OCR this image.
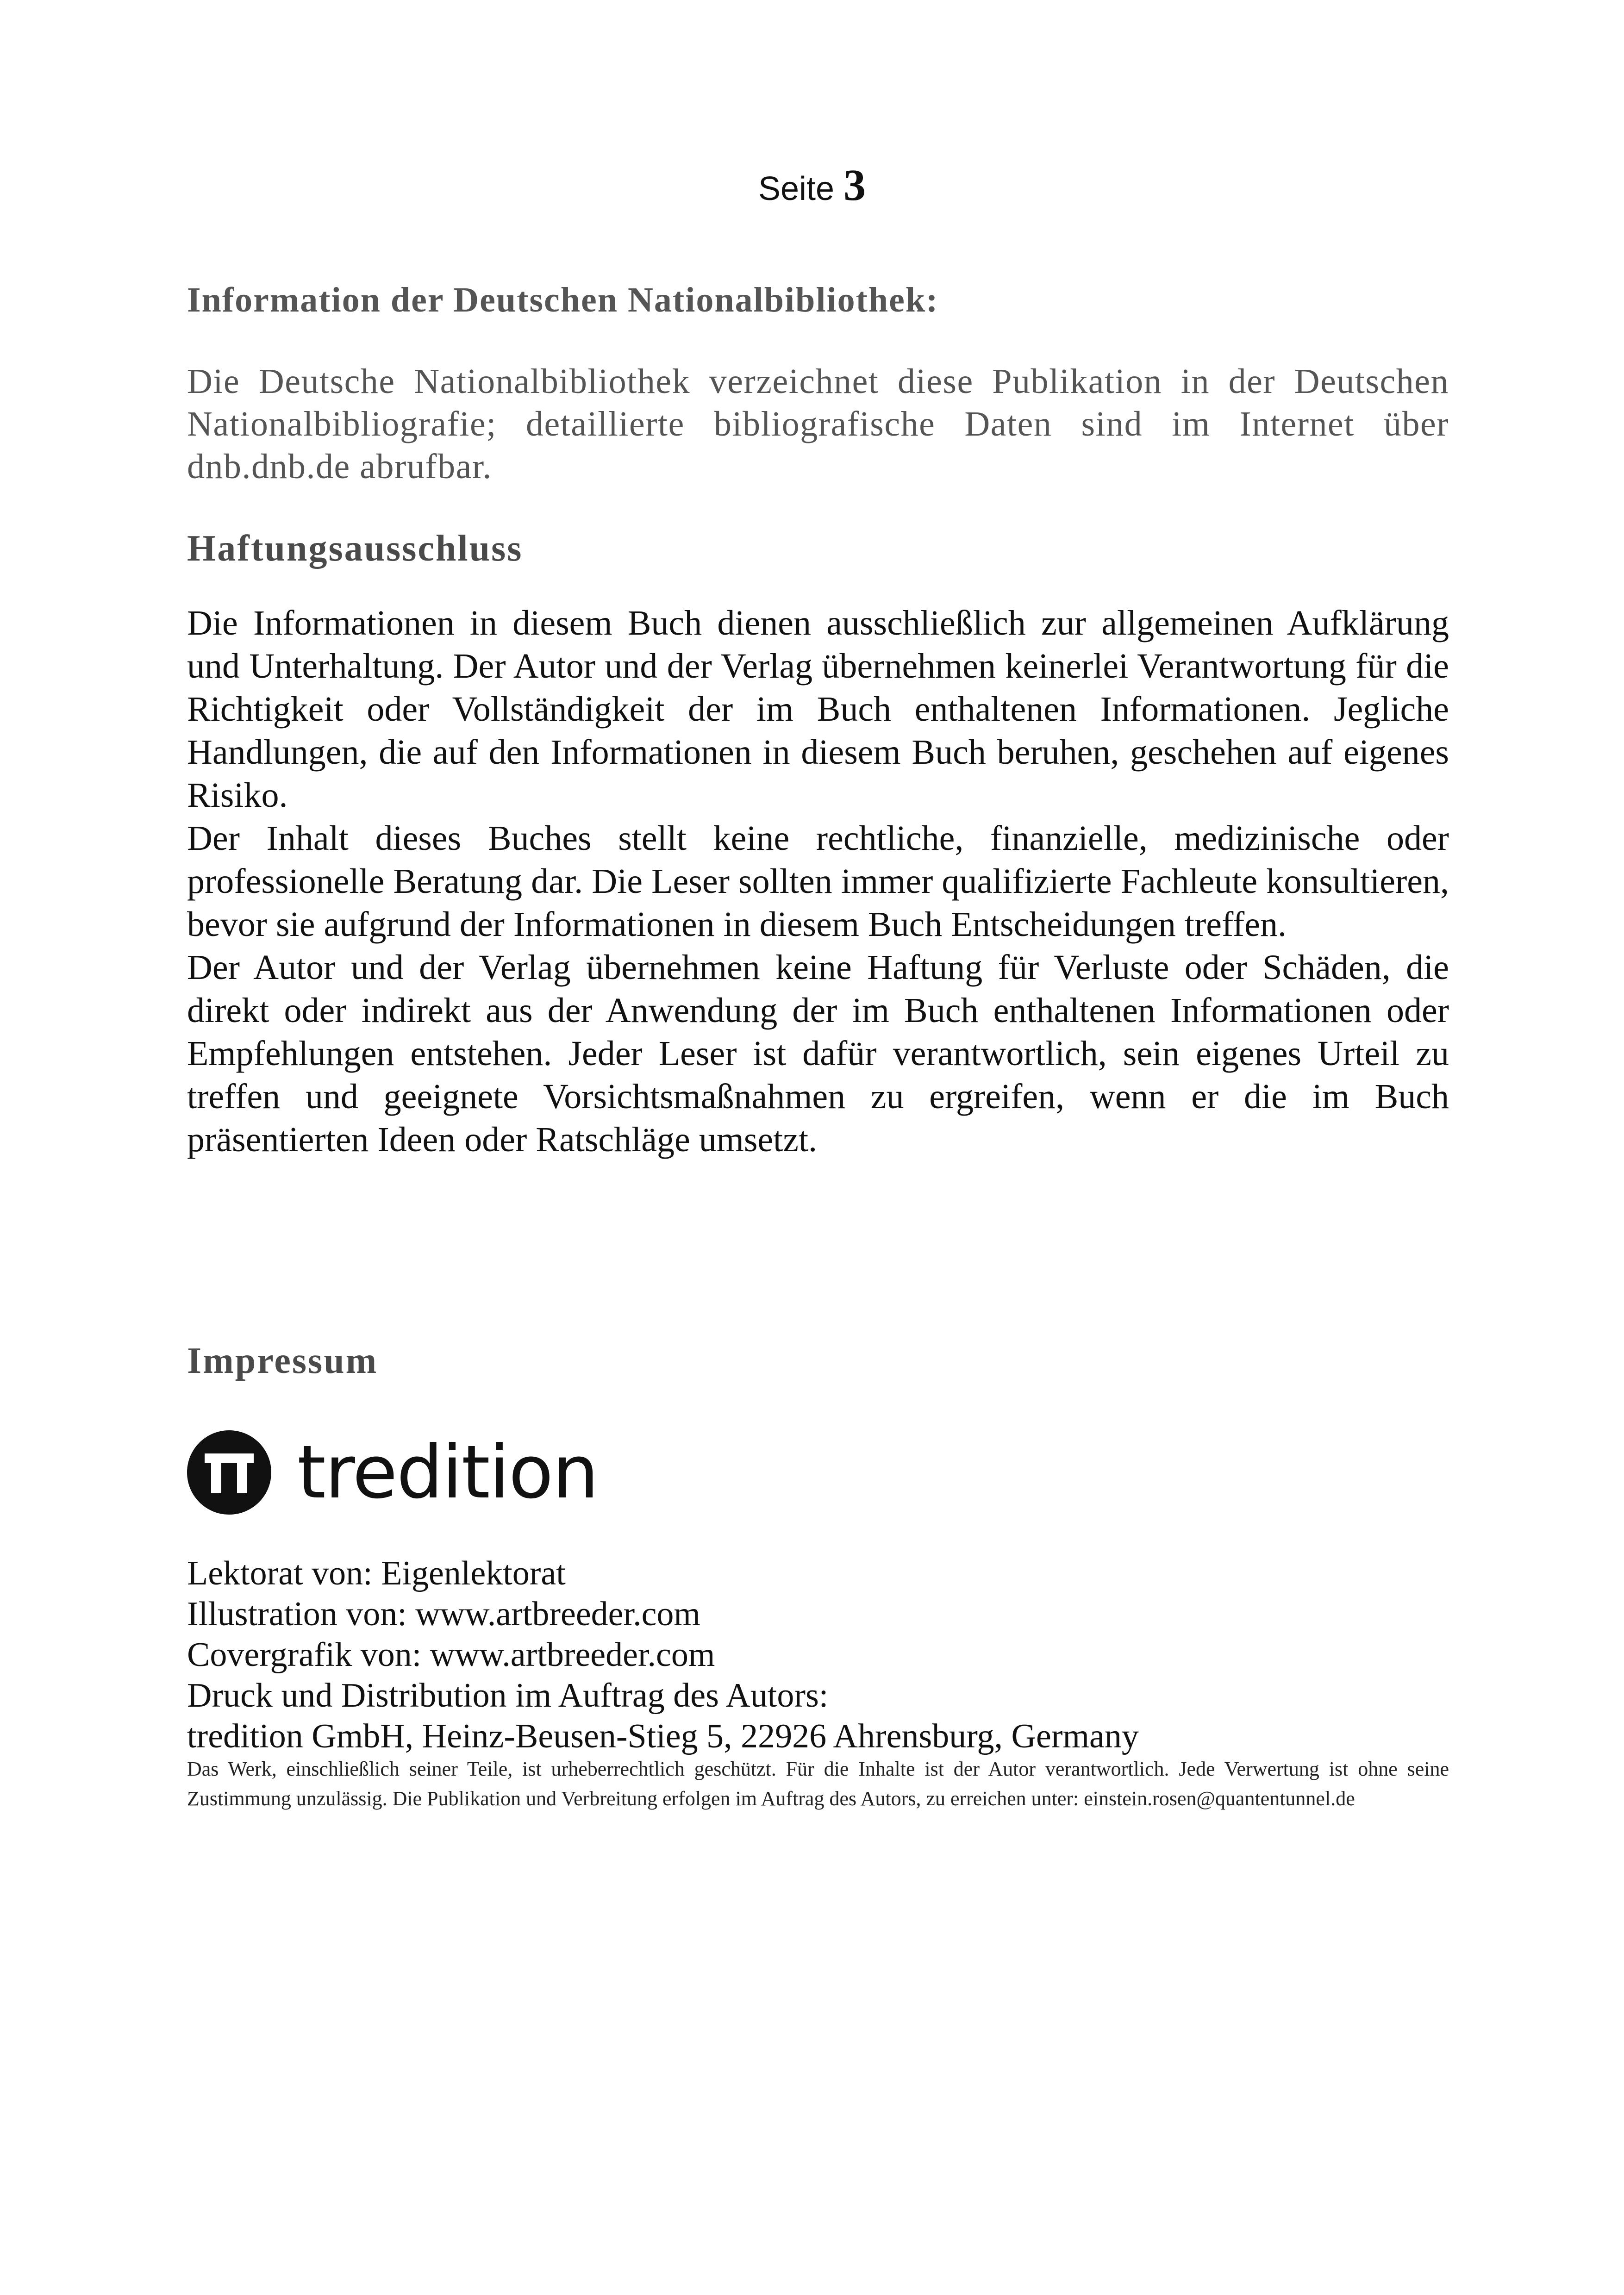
Seite 3
Information der Deutschen Nationalbibliothek:

Die Deutsche Nationalbibliothek verzeichnet diese Publikation in der Deutschen Nationalbibliografie; detaillierte bibliografische Daten sind im Internet über dnb.dnb.de abrufbar.

Haftungsausschluss

Die Informationen in diesem Buch dienen ausschließlich zur allgemeinen Aufklärung und Unterhaltung. Der Autor und der Verlag übernehmen keinerlei Verantwortung für die Richtigkeit oder Vollständigkeit der im Buch enthaltenen Informationen. Jegliche Handlungen, die auf den Informationen in diesem Buch beruhen, geschehen auf eigenes Risiko.

Der Inhalt dieses Buches stellt keine rechtliche, finanzielle, medizinische oder professionelle Beratung dar. Die Leser sollten immer qualifizierte Fachleute konsultieren, bevor sie aufgrund der Informationen in diesem Buch Entscheidungen treffen.

Der Autor und der Verlag übernehmen keine Haftung für Verluste oder Schäden, die direkt oder indirekt aus der Anwendung der im Buch enthaltenen Informationen oder Empfehlungen entstehen. Jeder Leser ist dafür verantwortlich, sein eigenes Urteil zu treffen und geeignete Vorsichtsmaßnahmen zu ergreifen, wenn er die im Buch präsentierten Ideen oder Ratschläge umsetzt.

Impressum
tredition
Lektorat von: Eigenlektorat
Illustration von: www.artbreeder.com
Covergrafik von: www.artbreeder.com
Druck und Distribution im Auftrag des Autors:
tredition GmbH, Heinz-Beusen-Stieg 5, 22926 Ahrensburg, Germany

Das Werk, einschließlich seiner Teile, ist urheberrechtlich geschützt. Für die Inhalte ist der Autor verantwortlich. Jede Verwertung ist ohne seine Zustimmung unzulässig. Die Publikation und Verbreitung erfolgen im Auftrag des Autors, zu erreichen unter: einstein.rosen@quantentunnel.de
